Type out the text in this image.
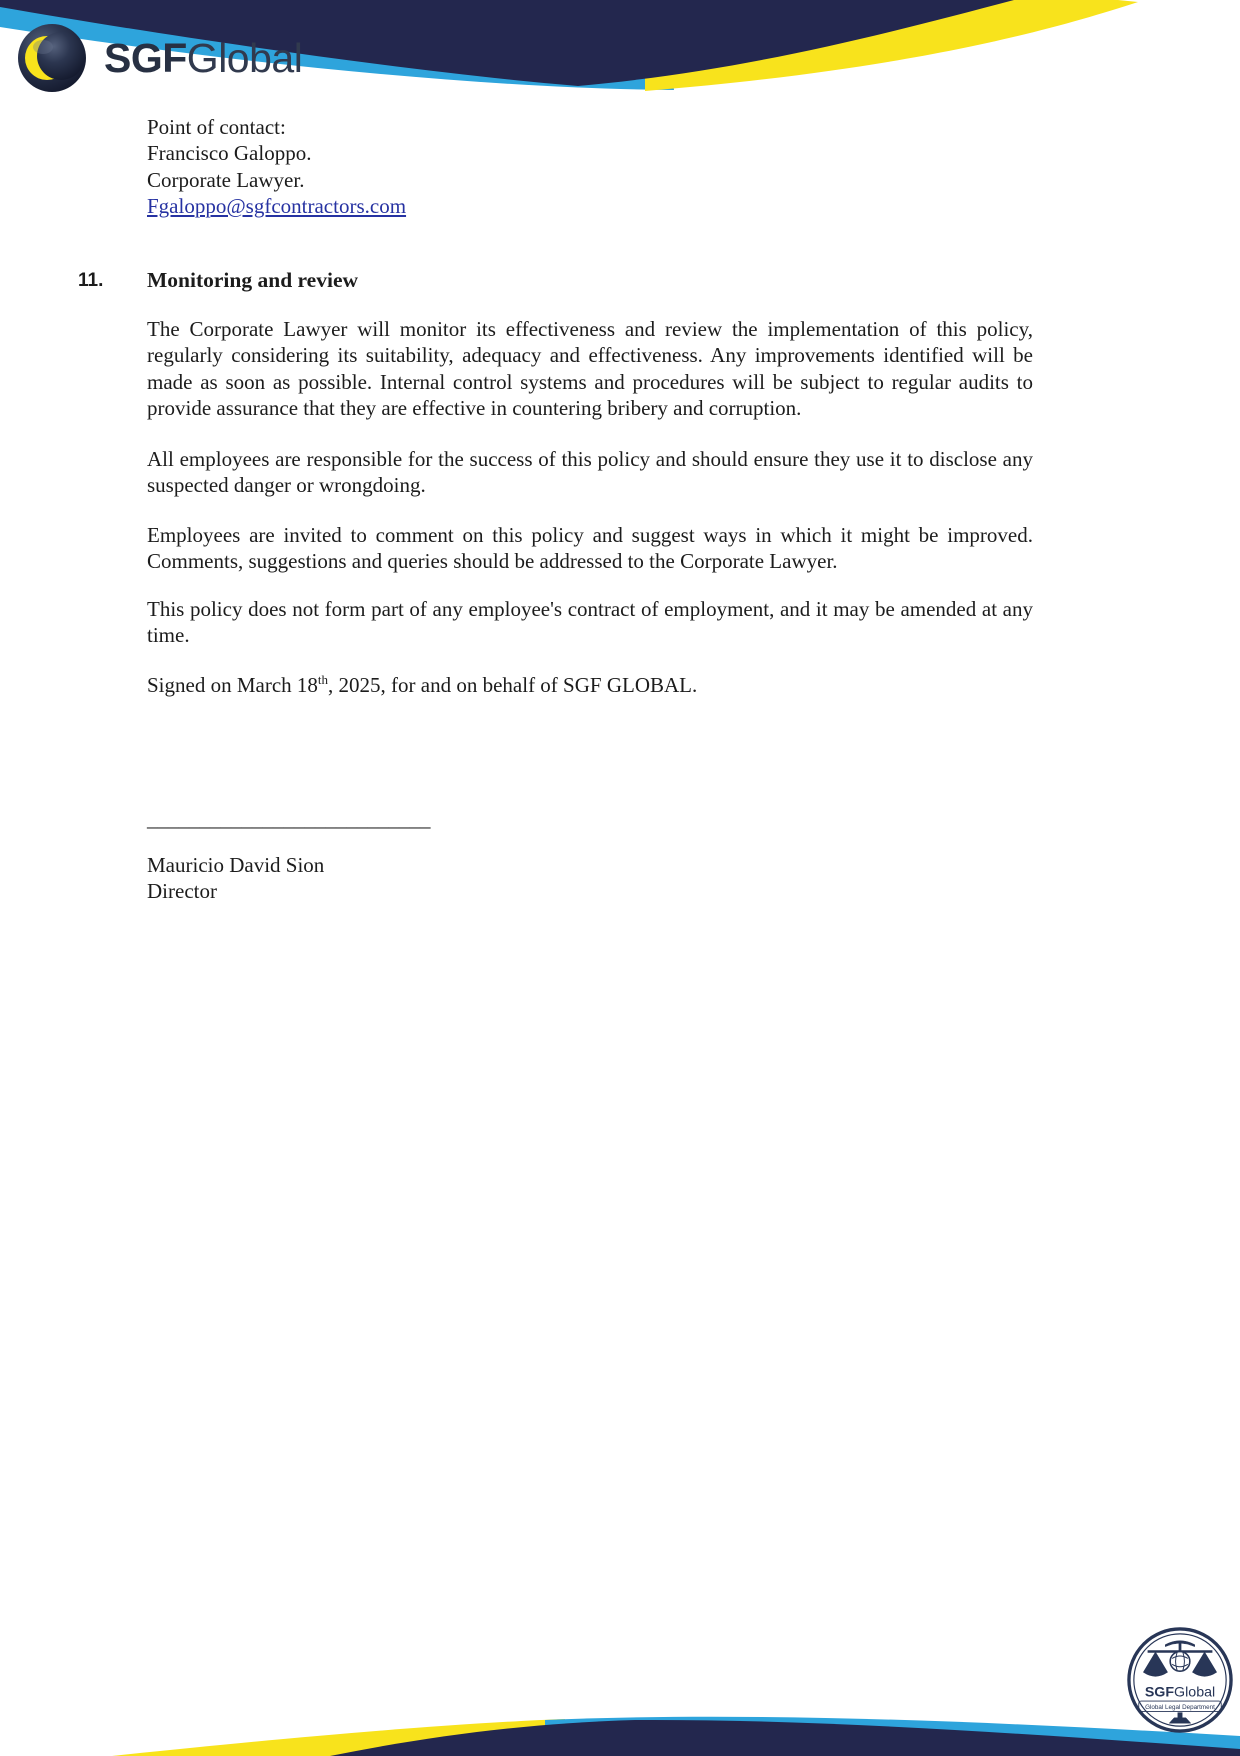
SGFGlobal
Point of contact:
Francisco Galoppo.
Corporate Lawyer.
Fgaloppo@sgfcontractors.com
11. Monitoring and review
The Corporate Lawyer will monitor its effectiveness and review the implementation of this policy, regularly considering its suitability, adequacy and effectiveness. Any improvements identified will be made as soon as possible. Internal control systems and procedures will be subject to regular audits to provide assurance that they are effective in countering bribery and corruption.
All employees are responsible for the success of this policy and should ensure they use it to disclose any suspected danger or wrongdoing.
Employees are invited to comment on this policy and suggest ways in which it might be improved. Comments, suggestions and queries should be addressed to the Corporate Lawyer.
This policy does not form part of any employee's contract of employment, and it may be amended at any time.
Signed on March 18th, 2025, for and on behalf of SGF GLOBAL.
___________________________
Mauricio David Sion
Director
SGFGlobal
Global Legal Department
